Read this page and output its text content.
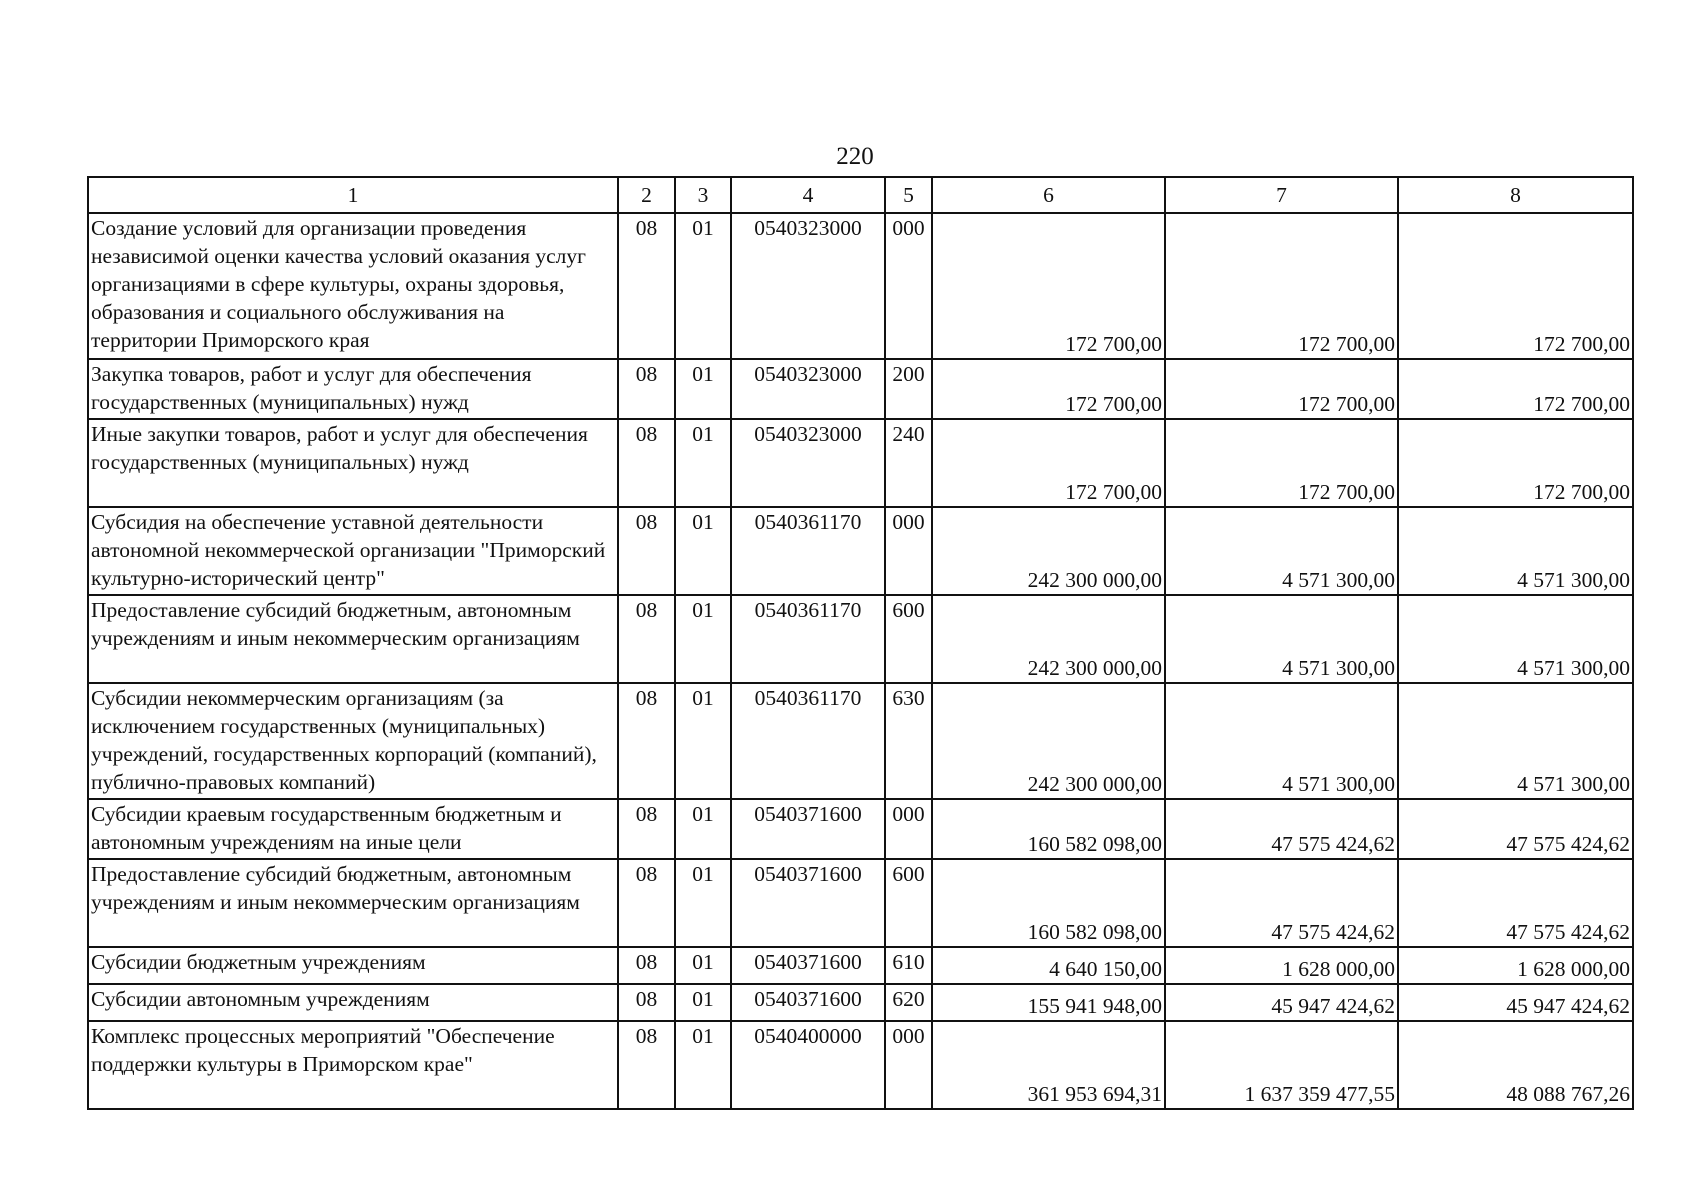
220
1	2	3	4	5	6	7	8
Создание условий для организации проведения независимой оценки качества условий оказания услуг организациями в сфере культуры, охраны здоровья, образования и социального обслуживания на территории Приморского края	08	01	0540323000	000	172 700,00	172 700,00	172 700,00
Закупка товаров, работ и услуг для обеспечения государственных (муниципальных) нужд	08	01	0540323000	200	172 700,00	172 700,00	172 700,00
Иные закупки товаров, работ и услуг для обеспечения государственных (муниципальных) нужд	08	01	0540323000	240	172 700,00	172 700,00	172 700,00
Субсидия на обеспечение уставной деятельности автономной некоммерческой организации "Приморский культурно-исторический центр"	08	01	0540361170	000	242 300 000,00	4 571 300,00	4 571 300,00
Предоставление субсидий бюджетным, автономным учреждениям и иным некоммерческим организациям	08	01	0540361170	600	242 300 000,00	4 571 300,00	4 571 300,00
Субсидии некоммерческим организациям (за исключением государственных (муниципальных) учреждений, государственных корпораций (компаний), публично-правовых компаний)	08	01	0540361170	630	242 300 000,00	4 571 300,00	4 571 300,00
Субсидии краевым государственным бюджетным и автономным учреждениям на иные цели	08	01	0540371600	000	160 582 098,00	47 575 424,62	47 575 424,62
Предоставление субсидий бюджетным, автономным учреждениям и иным некоммерческим организациям	08	01	0540371600	600	160 582 098,00	47 575 424,62	47 575 424,62
Субсидии бюджетным учреждениям	08	01	0540371600	610	4 640 150,00	1 628 000,00	1 628 000,00
Субсидии автономным учреждениям	08	01	0540371600	620	155 941 948,00	45 947 424,62	45 947 424,62
Комплекс процессных мероприятий "Обеспечение поддержки культуры в Приморском крае"	08	01	0540400000	000	361 953 694,31	1 637 359 477,55	48 088 767,26
